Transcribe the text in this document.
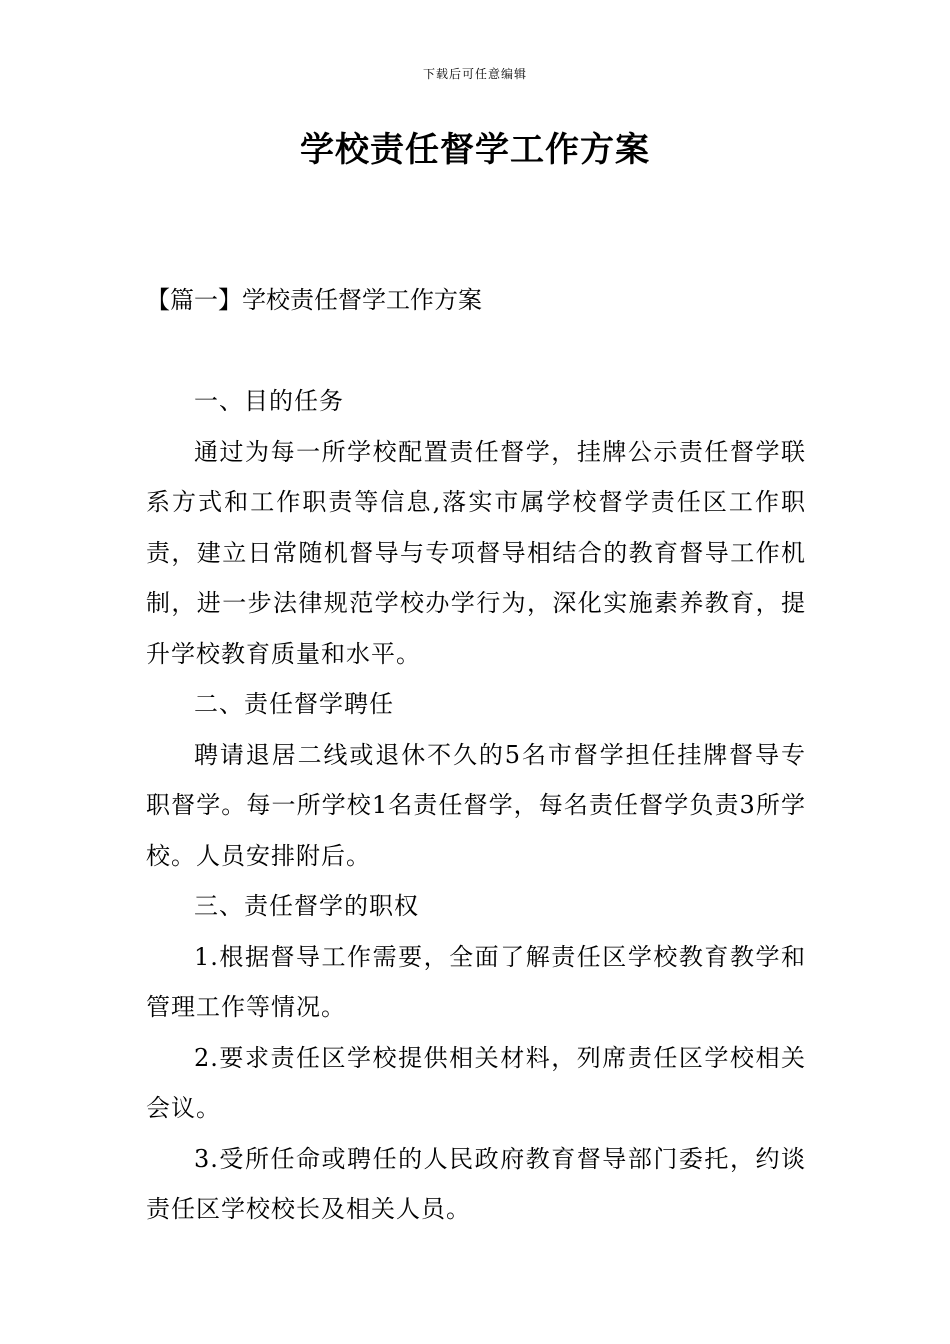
下载后可任意编辑
学校责任督学工作方案
【篇一】学校责任督学工作方案
一、目的任务

通过为每一所学校配置责任督学，挂牌公示责任督学联系方式和工作职责等信息,落实市属学校督学责任区工作职责，建立日常随机督导与专项督导相结合的教育督导工作机制，进一步法律规范学校办学行为，深化实施素养教育，提升学校教育质量和水平。

二、责任督学聘任

聘请退居二线或退休不久的5名市督学担任挂牌督导专职督学。每一所学校1名责任督学，每名责任督学负责3所学校。人员安排附后。

三、责任督学的职权

1.根据督导工作需要，全面了解责任区学校教育教学和管理工作等情况。

2.要求责任区学校提供相关材料，列席责任区学校相关会议。

3.受所任命或聘任的人民政府教育督导部门委托，约谈责任区学校校长及相关人员。
